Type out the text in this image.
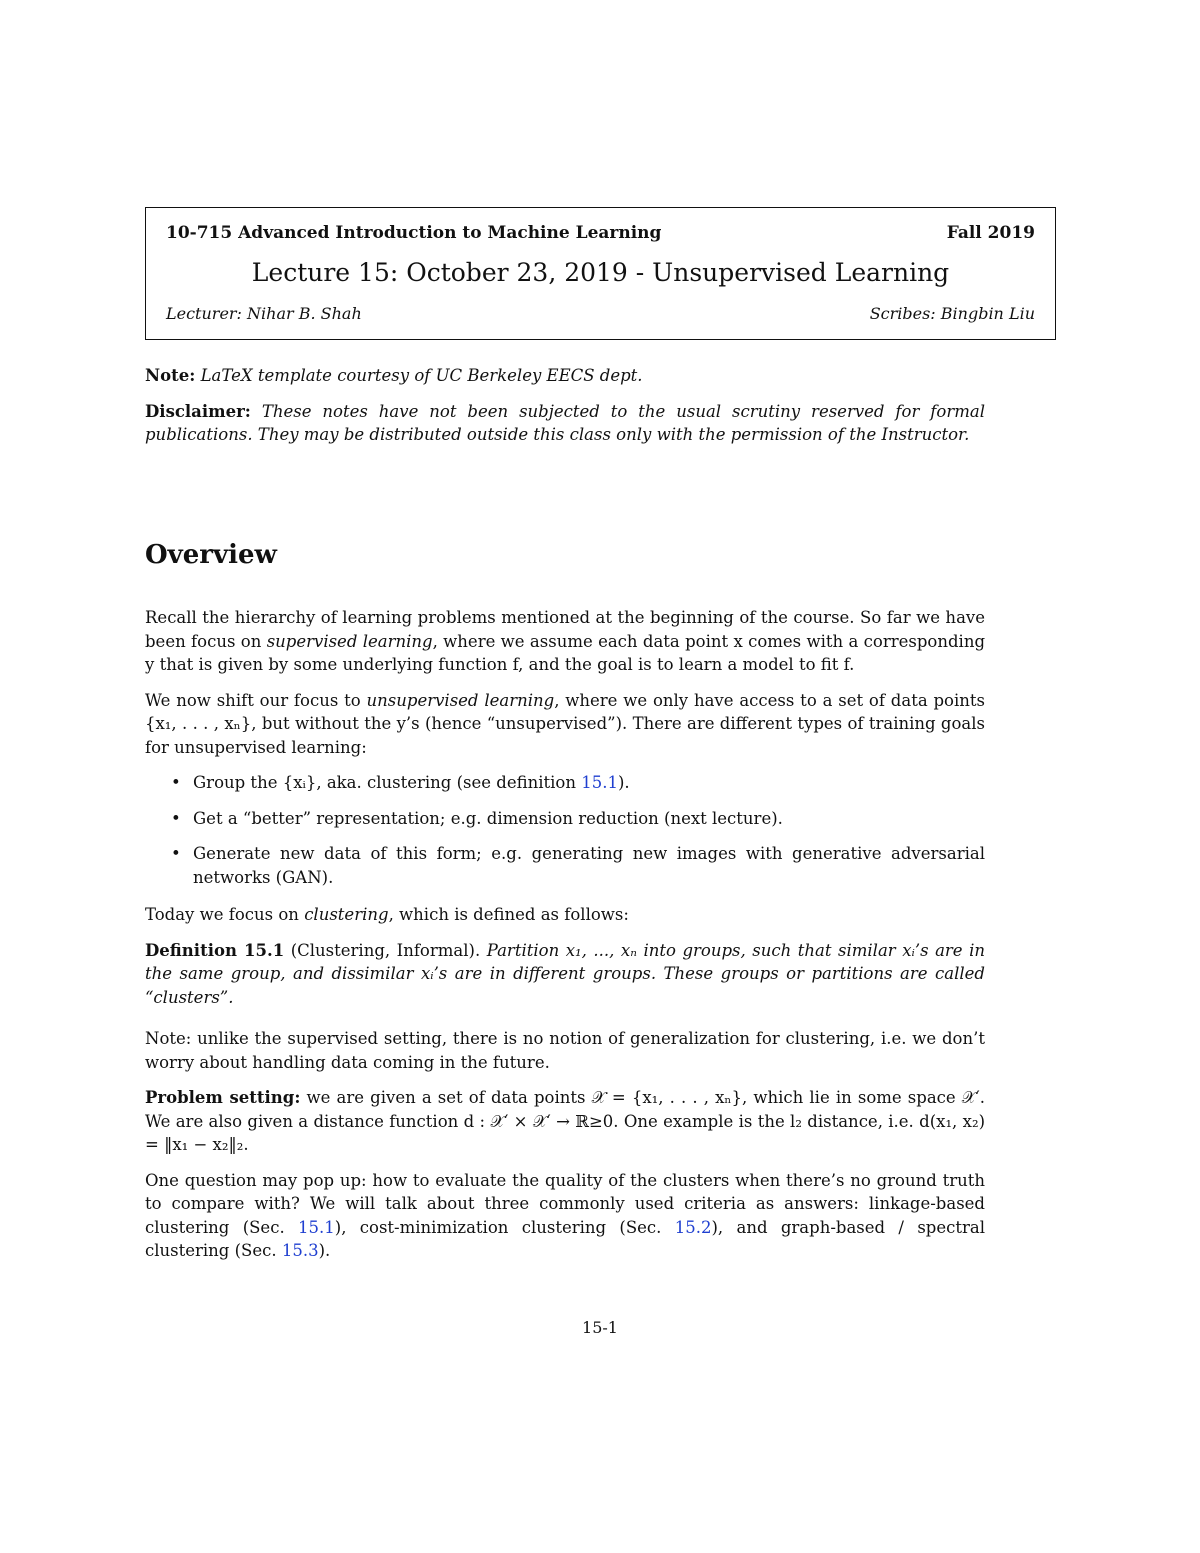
10-715 Advanced Introduction to Machine Learning	Fall 2019
Lecture 15: October 23, 2019 - Unsupervised Learning
Lecturer: Nihar B. Shah	Scribes: Bingbin Liu

Note: LaTeX template courtesy of UC Berkeley EECS dept.

Disclaimer: These notes have not been subjected to the usual scrutiny reserved for formal publications. They may be distributed outside this class only with the permission of the Instructor.

Overview

Recall the hierarchy of learning problems mentioned at the beginning of the course. So far we have been focus on supervised learning, where we assume each data point x comes with a corresponding y that is given by some underlying function f, and the goal is to learn a model to fit f.

We now shift our focus to unsupervised learning, where we only have access to a set of data points {x₁, . . . , xₙ}, but without the y’s (hence “unsupervised”). There are different types of training goals for unsupervised learning:

• Group the {xᵢ}, aka. clustering (see definition 15.1).
• Get a “better” representation; e.g. dimension reduction (next lecture).
• Generate new data of this form; e.g. generating new images with generative adversarial networks (GAN).

Today we focus on clustering, which is defined as follows:

Definition 15.1 (Clustering, Informal). Partition x₁, ..., xₙ into groups, such that similar xᵢ’s are in the same group, and dissimilar xᵢ’s are in different groups. These groups or partitions are called “clusters”.

Note: unlike the supervised setting, there is no notion of generalization for clustering, i.e. we don’t worry about handling data coming in the future.

Problem setting: we are given a set of data points 𝒳 = {x₁, . . . , xₙ}, which lie in some space 𝒳′. We are also given a distance function d : 𝒳′ × 𝒳′ → ℝ≥0. One example is the l₂ distance, i.e. d(x₁, x₂) = ‖x₁ − x₂‖₂.

One question may pop up: how to evaluate the quality of the clusters when there’s no ground truth to compare with? We will talk about three commonly used criteria as answers: linkage-based clustering (Sec. 15.1), cost-minimization clustering (Sec. 15.2), and graph-based / spectral clustering (Sec. 15.3).

15-1
